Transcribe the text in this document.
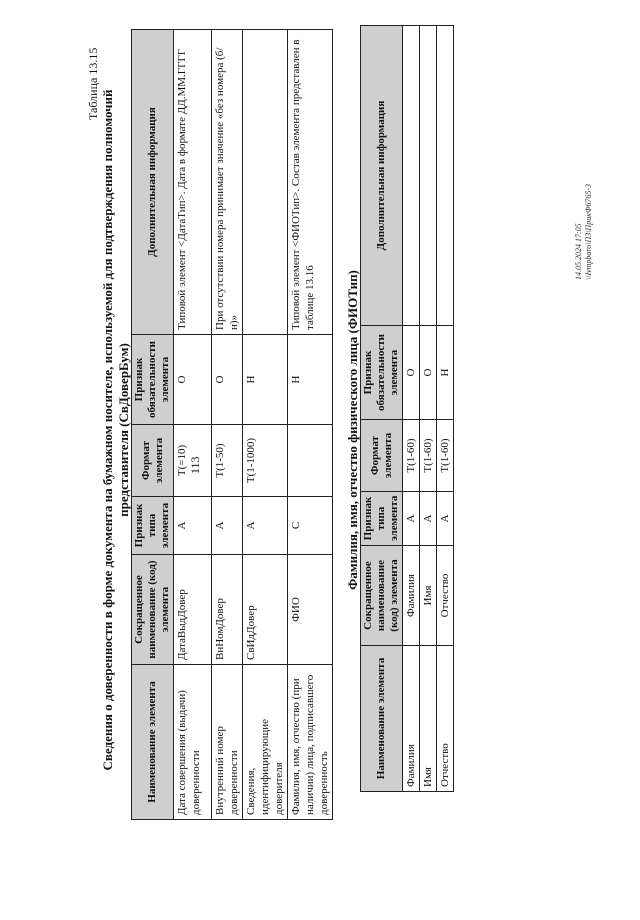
113
Таблица 13.15
Сведения о доверенности в форме документа на бумажном носителе, используемой для подтверждения полномочий представителя (СвДоверБум)
Наименование элемента	Сокращенное наименование (код) элемента	Признак типа элемента	Формат элемента	Признак обязательности элемента	Дополнительная информация
Дата совершения (выдачи) доверенности	ДатаВыдДовер	А	Т(=10)	О	Типовой элемент <ДатаТип>. Дата в формате ДД.ММ.ГГГГ
Внутренний номер доверенности	ВнНомДовер	А	Т(1-50)	О	При отсутствии номера принимает значение «без номера (б/н)»
Сведения, идентифицирующие доверителя	СвИдДовер	А	Т(1-1000)	Н	
Фамилия, имя, отчество (при наличии) лица, подписавшего доверенность	ФИО	С		Н	Типовой элемент <ФИОТип>. Состав элемента представлен в таблице 13.16 Фамилия, имя, отчество физического лица (ФИОТип)
Наименование элемента	Сокращенное наименование (код) элемента	Признак типа элемента	Формат элемента	Признак обязательности элемента	Дополнительная информация
Фамилия	Фамилия	А	Т(1-60)	О	
Имя	Имя	А	Т(1-60)	О	
Отчество	Отчество	А	Т(1-60)	Н	
14.05.2024 17:05 \\Ivmpbaro\ПЗ\ПрикФ6765-3
